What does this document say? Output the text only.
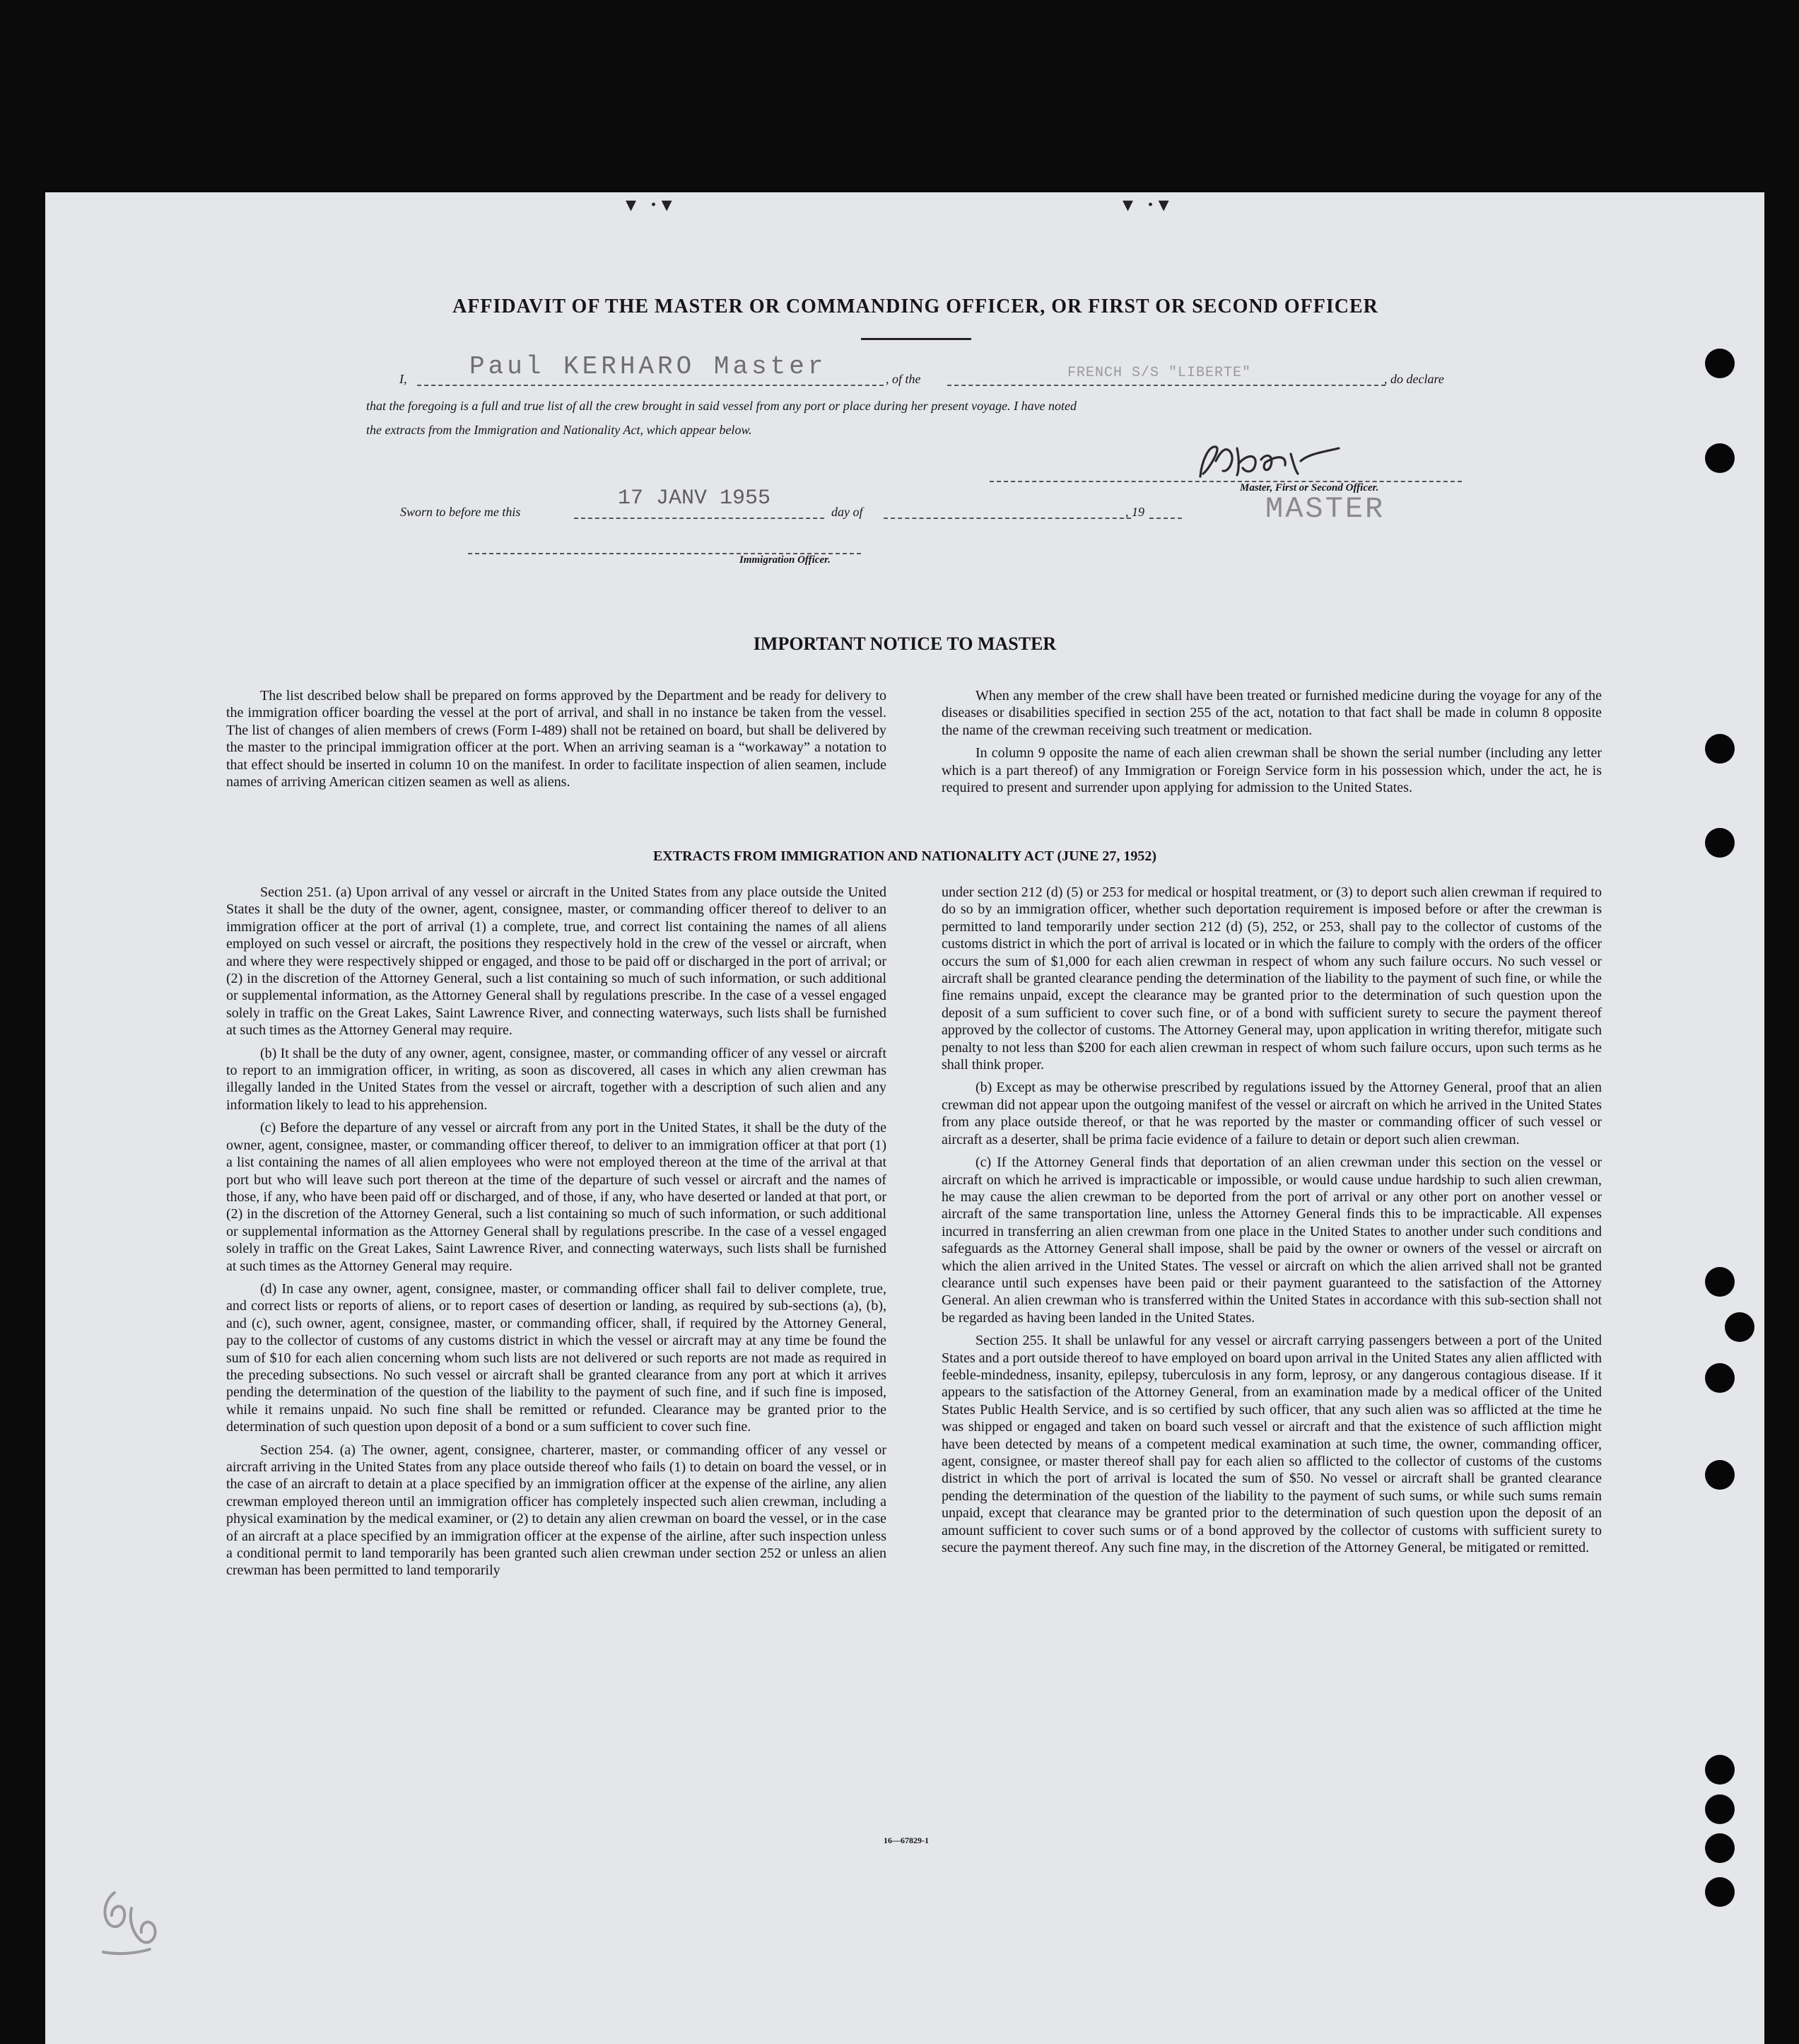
▾ ·▾	▾ ·▾
AFFIDAVIT OF THE MASTER OR COMMANDING OFFICER, OR FIRST OR SECOND OFFICER
I, Paul KERHARO Master	, of the	FRENCH S/S "LIBERTE"	, do declare
that the foregoing is a full and true list of all the crew brought in said vessel from any port or place during her present voyage. I have noted
the extracts from the Immigration and Nationality Act, which appear below.
Master, First or Second Officer.
MASTER
Sworn to before me this
17 JANV 1955
day of	, 19
Immigration Officer.
IMPORTANT NOTICE TO MASTER

The list described below shall be prepared on forms approved by the Department and be ready for delivery to the immigration officer boarding the vessel at the port of arrival, and shall in no instance be taken from the vessel. The list of changes of alien members of crews (Form I-489) shall not be retained on board, but shall be delivered by the master to the principal immigration officer at the port. When an arriving seaman is a “workaway” a notation to that effect should be inserted in column 10 on the manifest. In order to facilitate inspection of alien seamen, include names of arriving American citizen seamen as well as aliens.

When any member of the crew shall have been treated or furnished medicine during the voyage for any of the diseases or disabilities specified in section 255 of the act, notation to that fact shall be made in column 8 opposite the name of the crewman receiving such treatment or medication.

In column 9 opposite the name of each alien crewman shall be shown the serial number (including any letter which is a part thereof) of any Immigration or Foreign Service form in his possession which, under the act, he is required to present and surrender upon applying for admission to the United States.

EXTRACTS FROM IMMIGRATION AND NATIONALITY ACT (JUNE 27, 1952)

Section 251. (a) Upon arrival of any vessel or aircraft in the United States from any place outside the United States it shall be the duty of the owner, agent, consignee, master, or commanding officer thereof to deliver to an immigration officer at the port of arrival (1) a complete, true, and correct list containing the names of all aliens employed on such vessel or aircraft, the positions they respectively hold in the crew of the vessel or aircraft, when and where they were respectively shipped or engaged, and those to be paid off or discharged in the port of arrival; or (2) in the discretion of the Attorney General, such a list containing so much of such information, or such additional or supplemental information, as the Attorney General shall by regulations prescribe. In the case of a vessel engaged solely in traffic on the Great Lakes, Saint Lawrence River, and connecting waterways, such lists shall be furnished at such times as the Attorney General may require.

(b) It shall be the duty of any owner, agent, consignee, master, or commanding officer of any vessel or aircraft to report to an immigration officer, in writing, as soon as discovered, all cases in which any alien crewman has illegally landed in the United States from the vessel or aircraft, together with a description of such alien and any information likely to lead to his apprehension.

(c) Before the departure of any vessel or aircraft from any port in the United States, it shall be the duty of the owner, agent, consignee, master, or commanding officer thereof, to deliver to an immigration officer at that port (1) a list containing the names of all alien employees who were not employed thereon at the time of the arrival at that port but who will leave such port thereon at the time of the departure of such vessel or aircraft and the names of those, if any, who have been paid off or discharged, and of those, if any, who have deserted or landed at that port, or (2) in the discretion of the Attorney General, such a list containing so much of such information, or such additional or supplemental information as the Attorney General shall by regulations prescribe. In the case of a vessel engaged solely in traffic on the Great Lakes, Saint Lawrence River, and connecting waterways, such lists shall be furnished at such times as the Attorney General may require.

(d) In case any owner, agent, consignee, master, or commanding officer shall fail to deliver complete, true, and correct lists or reports of aliens, or to report cases of desertion or landing, as required by sub-sections (a), (b), and (c), such owner, agent, consignee, master, or commanding officer, shall, if required by the Attorney General, pay to the collector of customs of any customs district in which the vessel or aircraft may at any time be found the sum of $10 for each alien concerning whom such lists are not delivered or such reports are not made as required in the preceding subsections. No such vessel or aircraft shall be granted clearance from any port at which it arrives pending the determination of the question of the liability to the payment of such fine, and if such fine is imposed, while it remains unpaid. No such fine shall be remitted or refunded. Clearance may be granted prior to the determination of such question upon deposit of a bond or a sum sufficient to cover such fine.

Section 254. (a) The owner, agent, consignee, charterer, master, or commanding officer of any vessel or aircraft arriving in the United States from any place outside thereof who fails (1) to detain on board the vessel, or in the case of an aircraft to detain at a place specified by an immigration officer at the expense of the airline, any alien crewman employed thereon until an immigration officer has completely inspected such alien crewman, including a physical examination by the medical examiner, or (2) to detain any alien crewman on board the vessel, or in the case of an aircraft at a place specified by an immigration officer at the expense of the airline, after such inspection unless a conditional permit to land temporarily has been granted such alien crewman under section 252 or unless an alien crewman has been permitted to land temporarily

under section 212 (d) (5) or 253 for medical or hospital treatment, or (3) to deport such alien crewman if required to do so by an immigration officer, whether such deportation requirement is imposed before or after the crewman is permitted to land temporarily under section 212 (d) (5), 252, or 253, shall pay to the collector of customs of the customs district in which the port of arrival is located or in which the failure to comply with the orders of the officer occurs the sum of $1,000 for each alien crewman in respect of whom any such failure occurs. No such vessel or aircraft shall be granted clearance pending the determination of the liability to the payment of such fine, or while the fine remains unpaid, except the clearance may be granted prior to the determination of such question upon the deposit of a sum sufficient to cover such fine, or of a bond with sufficient surety to secure the payment thereof approved by the collector of customs. The Attorney General may, upon application in writing therefor, mitigate such penalty to not less than $200 for each alien crewman in respect of whom such failure occurs, upon such terms as he shall think proper.

(b) Except as may be otherwise prescribed by regulations issued by the Attorney General, proof that an alien crewman did not appear upon the outgoing manifest of the vessel or aircraft on which he arrived in the United States from any place outside thereof, or that he was reported by the master or commanding officer of such vessel or aircraft as a deserter, shall be prima facie evidence of a failure to detain or deport such alien crewman.

(c) If the Attorney General finds that deportation of an alien crewman under this section on the vessel or aircraft on which he arrived is impracticable or impossible, or would cause undue hardship to such alien crewman, he may cause the alien crewman to be deported from the port of arrival or any other port on another vessel or aircraft of the same transportation line, unless the Attorney General finds this to be impracticable. All expenses incurred in transferring an alien crewman from one place in the United States to another under such conditions and safeguards as the Attorney General shall impose, shall be paid by the owner or owners of the vessel or aircraft on which the alien arrived in the United States. The vessel or aircraft on which the alien arrived shall not be granted clearance until such expenses have been paid or their payment guaranteed to the satisfaction of the Attorney General. An alien crewman who is transferred within the United States in accordance with this sub-section shall not be regarded as having been landed in the United States.

Section 255. It shall be unlawful for any vessel or aircraft carrying passengers between a port of the United States and a port outside thereof to have employed on board upon arrival in the United States any alien afflicted with feeble-mindedness, insanity, epilepsy, tuberculosis in any form, leprosy, or any dangerous contagious disease. If it appears to the satisfaction of the Attorney General, from an examination made by a medical officer of the United States Public Health Service, and is so certified by such officer, that any such alien was so afflicted at the time he was shipped or engaged and taken on board such vessel or aircraft and that the existence of such affliction might have been detected by means of a competent medical examination at such time, the owner, commanding officer, agent, consignee, or master thereof shall pay for each alien so afflicted to the collector of customs of the customs district in which the port of arrival is located the sum of $50. No vessel or aircraft shall be granted clearance pending the determination of the question of the liability to the payment of such sums, or while such sums remain unpaid, except that clearance may be granted prior to the determination of such question upon the deposit of an amount sufficient to cover such sums or of a bond approved by the collector of customs with sufficient surety to secure the payment thereof. Any such fine may, in the discretion of the Attorney General, be mitigated or remitted.

16—67829-1
